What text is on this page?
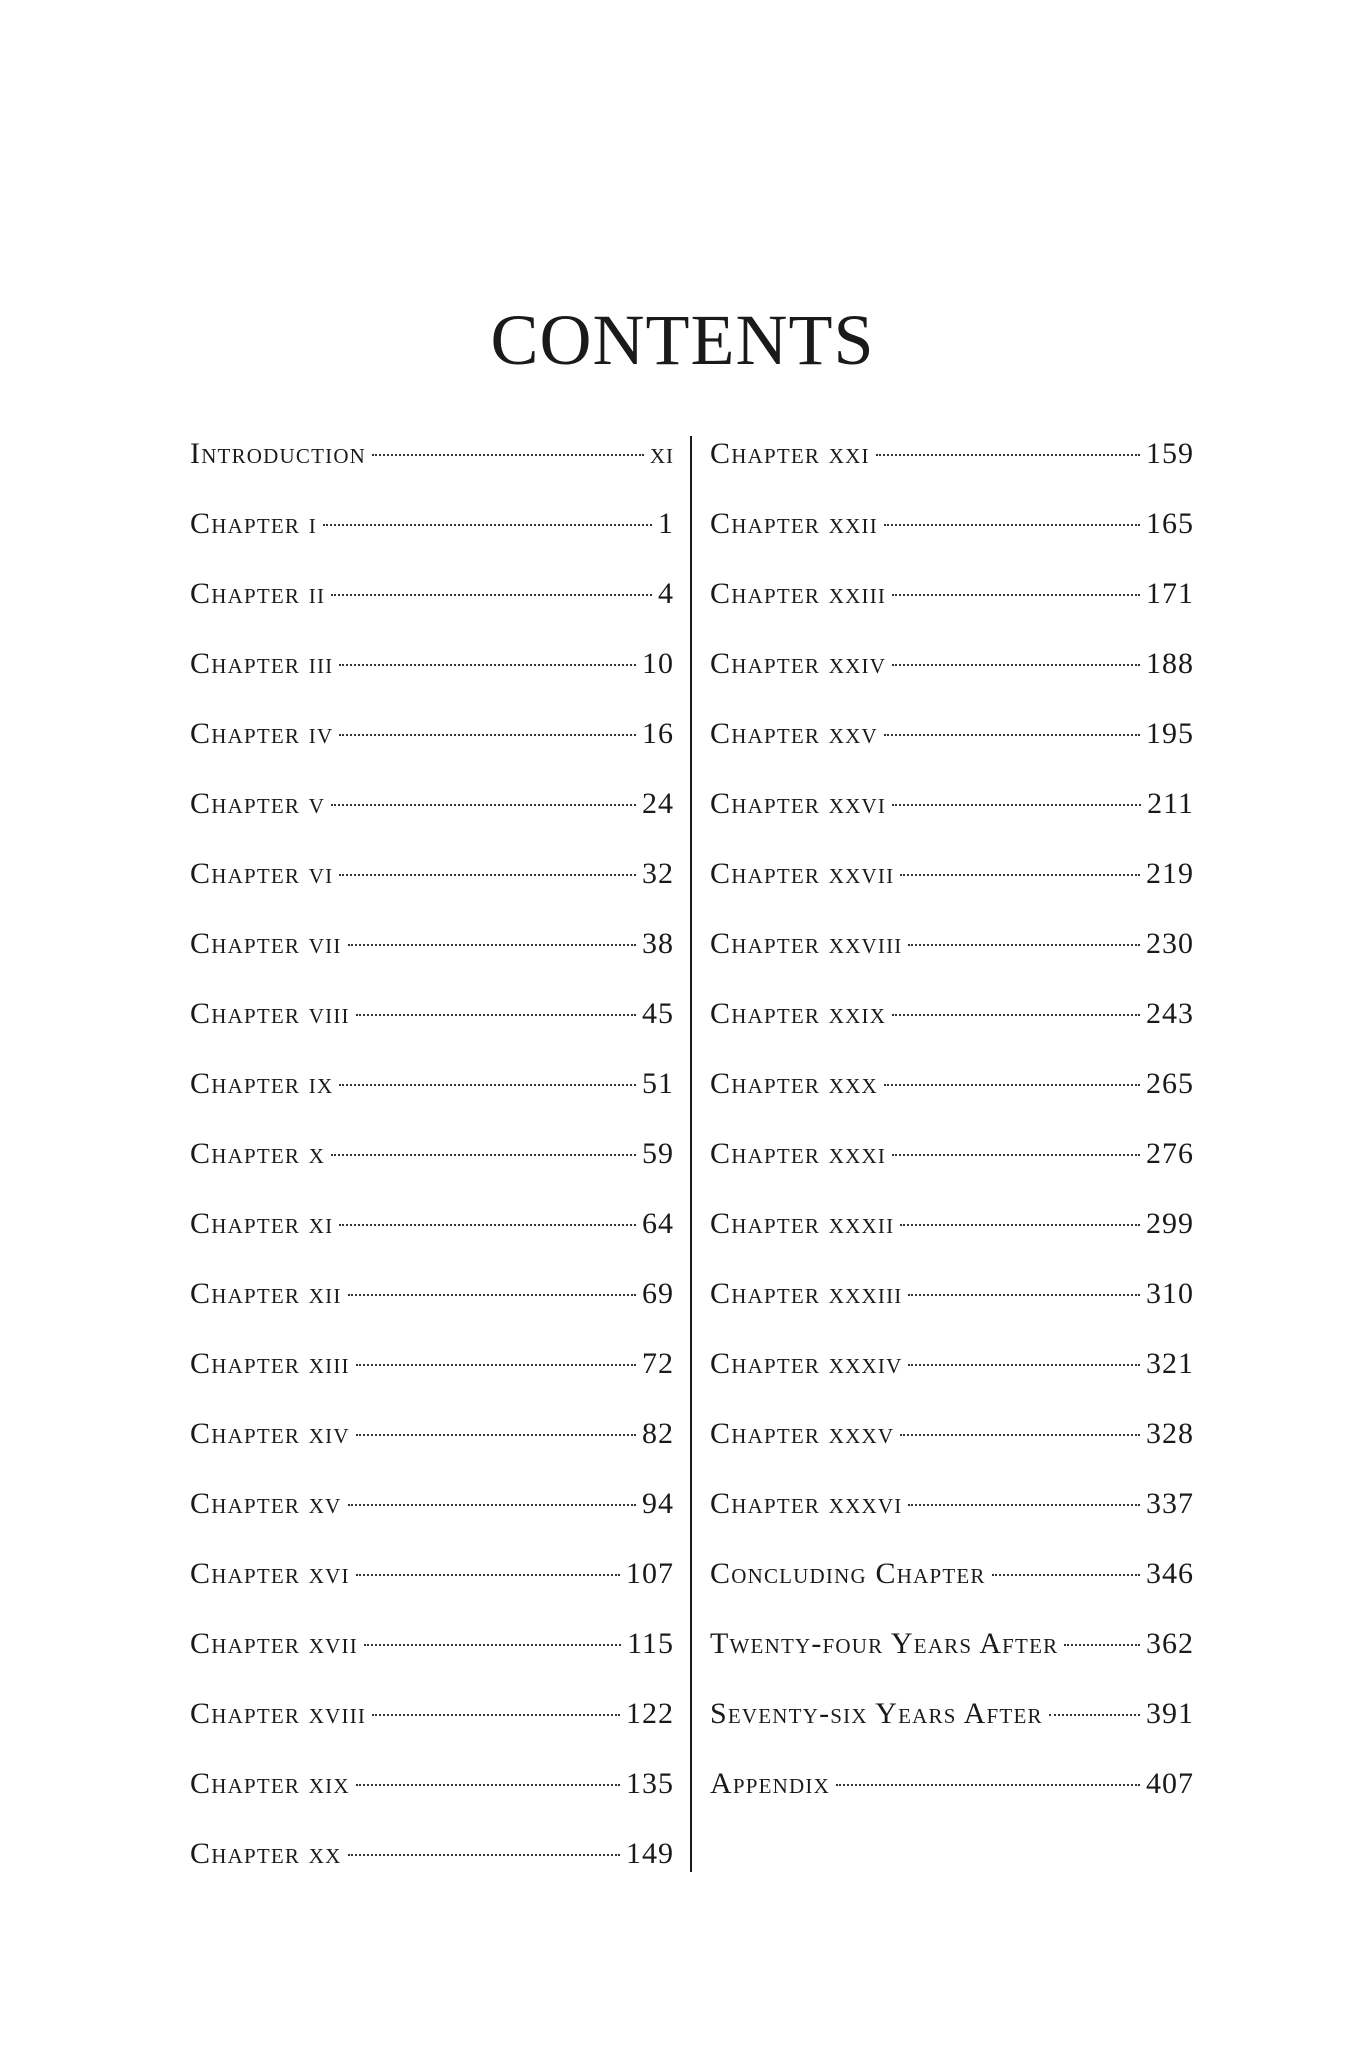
CONTENTS
Introduction	xi
Chapter i	1
Chapter ii	4
Chapter iii	10
Chapter iv	16
Chapter v	24
Chapter vi	32
Chapter vii	38
Chapter viii	45
Chapter ix	51
Chapter x	59
Chapter xi	64
Chapter xii	69
Chapter xiii	72
Chapter xiv	82
Chapter xv	94
Chapter xvi	107
Chapter xvii	115
Chapter xviii	122
Chapter xix	135
Chapter xx	149
Chapter xxi	159
Chapter xxii	165
Chapter xxiii	171
Chapter xxiv	188
Chapter xxv	195
Chapter xxvi	211
Chapter xxvii	219
Chapter xxviii	230
Chapter xxix	243
Chapter xxx	265
Chapter xxxi	276
Chapter xxxii	299
Chapter xxxiii	310
Chapter xxxiv	321
Chapter xxxv	328
Chapter xxxvi	337
Concluding Chapter	346
Twenty-four Years After	362
Seventy-six Years After	391
Appendix	407
